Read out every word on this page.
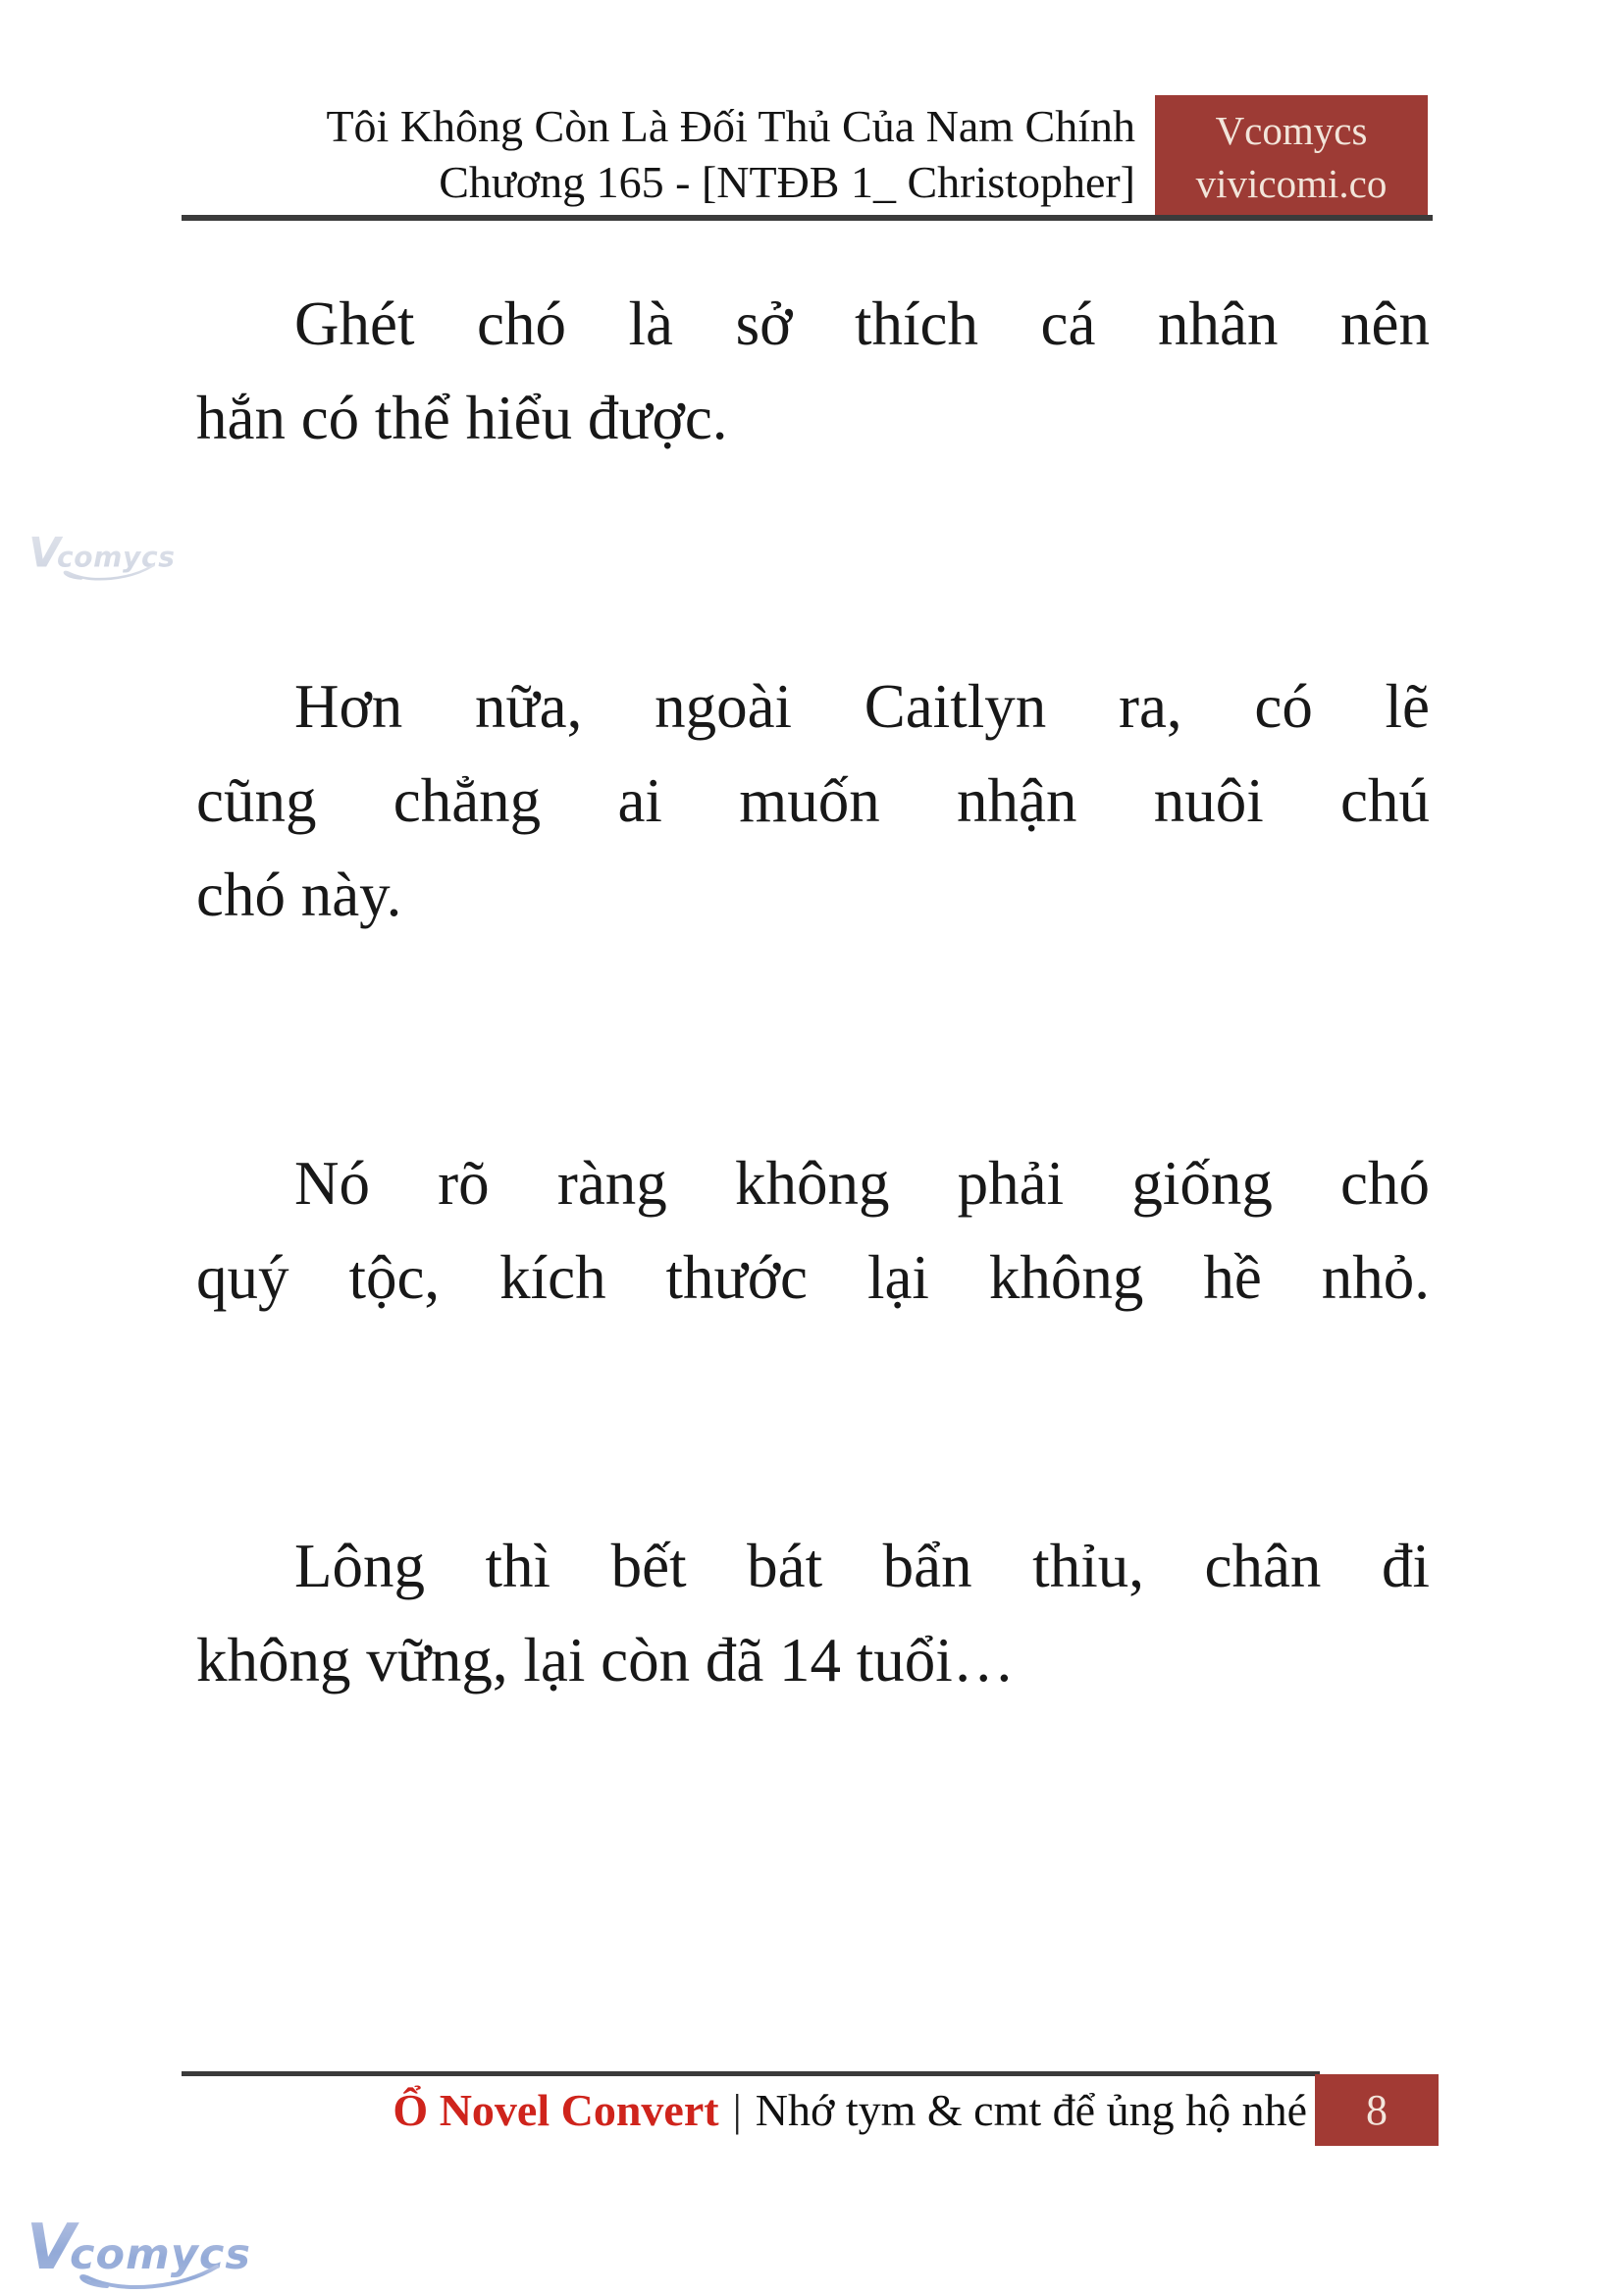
Tôi Không Còn Là Đối Thủ Của Nam Chính
Chương 165 - [NTĐB 1_ Christopher]
Vcomycs
vivicomi.co
Ghét chó là sở thích cá nhân nên
hắn có thể hiểu được.
Hơn nữa, ngoài Caitlyn ra, có lẽ
cũng chẳng ai muốn nhận nuôi chú
chó này.
Nó rõ ràng không phải giống chó
quý tộc, kích thước lại không hề nhỏ.
Lông thì bết bát bẩn thỉu, chân đi
không vững, lại còn đã 14 tuổi…
V
comycs
Ổ Novel Convert | Nhớ tym & cmt để ủng hộ nhé 8
V
comycs
